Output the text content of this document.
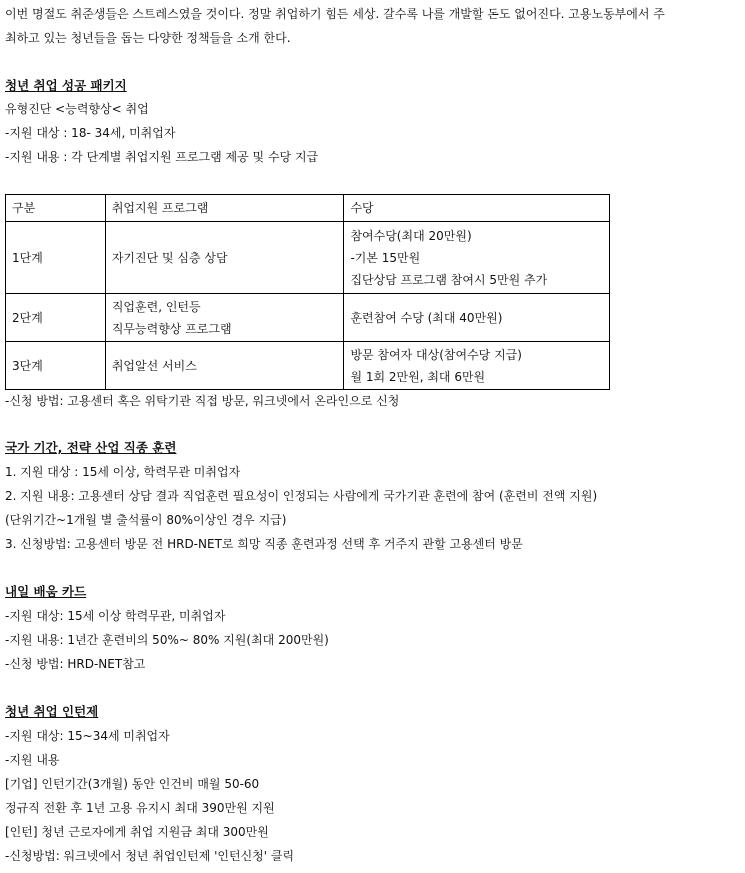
이번 명절도 취준생들은 스트레스였을 것이다. 정말 취업하기 힘든 세상. 갈수록 나를 개발할 돈도 없어진다. 고용노동부에서 주
최하고 있는 청년들을 돕는 다양한 정책들을 소개 한다.
청년 취업 성공 패키지
유형진단 <능력향상< 취업
-지원 대상 : 18- 34세, 미취업자
-지원 내용 : 각 단계별 취업지원 프로그램 제공 및 수당 지급
구분	취업지원 프로그램	수당
1단계	자기진단 및 심층 상담	참여수당(최대 20만원)
-기본 15만원
집단상담 프로그램 참여시 5만원 추가

2단계	직업훈련, 인턴등
직무능력향상 프로그램	훈련참여 수당 (최대 40만원)

3단계	취업알선 서비스	방문 참여자 대상(참여수당 지급)
월 1회 2만원, 최대 6만원
-신청 방법: 고용센터 혹은 위탁기관 직접 방문, 워크넷에서 온라인으로 신청
국가 기간, 전략 산업 직종 훈련
1. 지원 대상 : 15세 이상, 학력무관 미취업자
2. 지원 내용: 고용센터 상담 결과 직업훈련 필요성이 인정되는 사람에게 국가기관 훈련에 참여 (훈련비 전액 지원)
(단위기간~1개월 별 출석률이 80%이상인 경우 지급)
3. 신청방법: 고용센터 방문 전 HRD-NET로 희망 직종 훈련과정 선택 후 거주지 관할 고용센터 방문
내일 배움 카드
-지원 대상: 15세 이상 학력무관, 미취업자
-지원 내용: 1년간 훈련비의 50%~ 80% 지원(최대 200만원)
-신청 방법: HRD-NET참고
청년 취업 인턴제
-지원 대상: 15~34세 미취업자
-지원 내용
[기업] 인턴기간(3개월) 동안 인건비 매월 50-60
정규직 전환 후 1년 고용 유지시 최대 390만원 지원
[인턴] 청년 근로자에게 취업 지원금 최대 300만원
-신청방법: 워크넷에서 청년 취업인턴제 '인턴신청' 클릭
